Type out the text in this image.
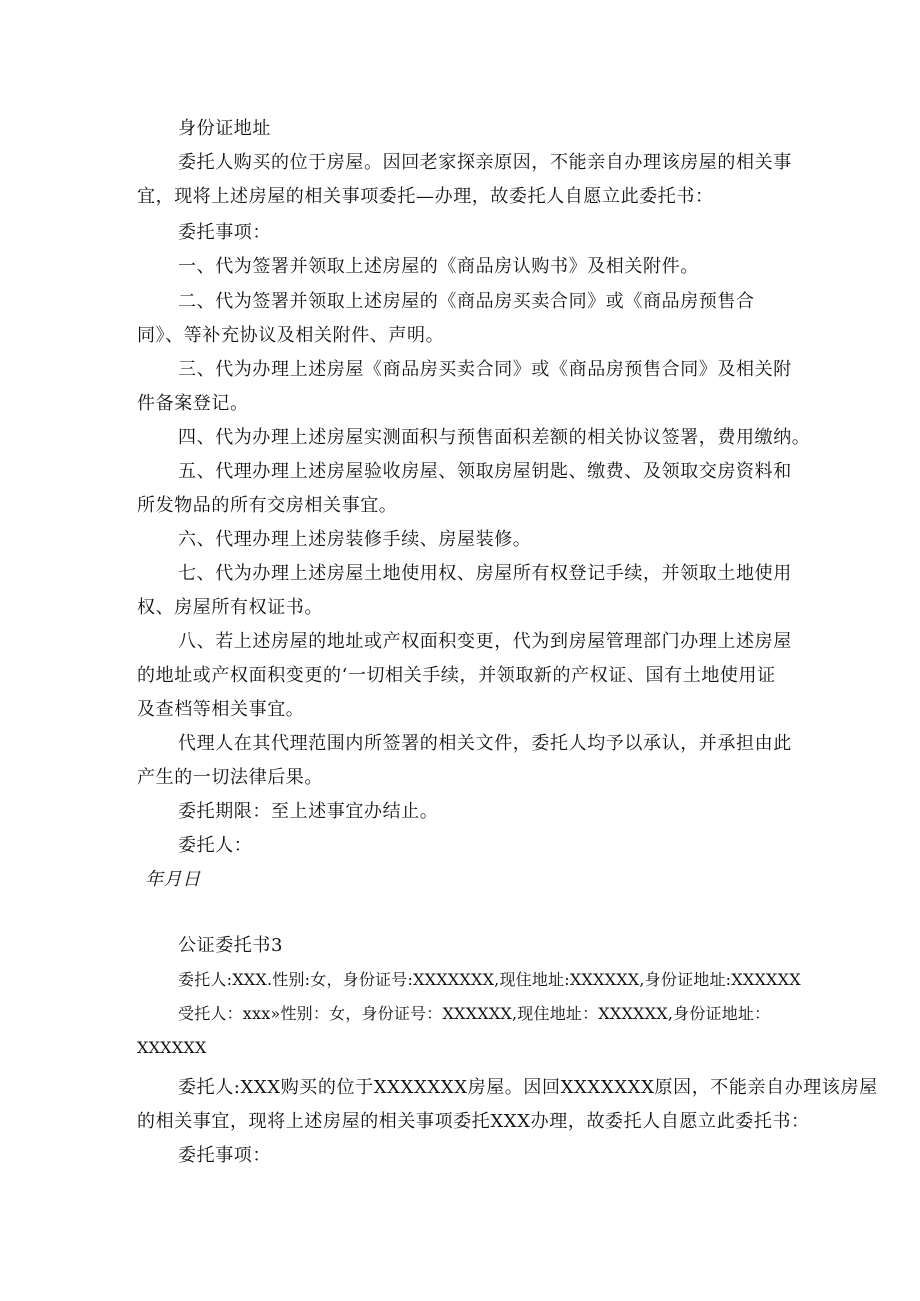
身份证地址
委托人购买的位于房屋。因回老家探亲原因，不能亲自办理该房屋的相关事
宜，现将上述房屋的相关事项委托—办理，故委托人自愿立此委托书：
委托事项：
一、代为签署并领取上述房屋的《商品房认购书》及相关附件。
二、代为签署并领取上述房屋的《商品房买卖合同》或《商品房预售合
同》、等补充协议及相关附件、声明。
三、代为办理上述房屋《商品房买卖合同》或《商品房预售合同》及相关附
件备案登记。
四、代为办理上述房屋实测面积与预售面积差额的相关协议签署，费用缴纳。
五、代理办理上述房屋验收房屋、领取房屋钥匙、缴费、及领取交房资料和
所发物品的所有交房相关事宜。
六、代理办理上述房装修手续、房屋装修。
七、代为办理上述房屋土地使用权、房屋所有权登记手续，并领取土地使用
权、房屋所有权证书。
八、若上述房屋的地址或产权面积变更，代为到房屋管理部门办理上述房屋
的地址或产权面积变更的‘一切相关手续，并领取新的产权证、国有土地使用证
及查档等相关事宜。
代理人在其代理范围内所签署的相关文件，委托人均予以承认，并承担由此
产生的一切法律后果。
委托期限：至上述事宜办结止。
委托人：
年月日
公证委托书3
委托人:XXX.性别:女，身份证号:XXXXXXX,现住地址:XXXXXX,身份证地址:XXXXXX
受托人：xxx»性别：女，身份证号：XXXXXX,现住地址：XXXXXX,身份证地址：
XXXXXX
委托人:XXX购买的位于XXXXXXX房屋。因回XXXXXXX原因，不能亲自办理该房屋
的相关事宜，现将上述房屋的相关事项委托XXX办理，故委托人自愿立此委托书：
委托事项：
